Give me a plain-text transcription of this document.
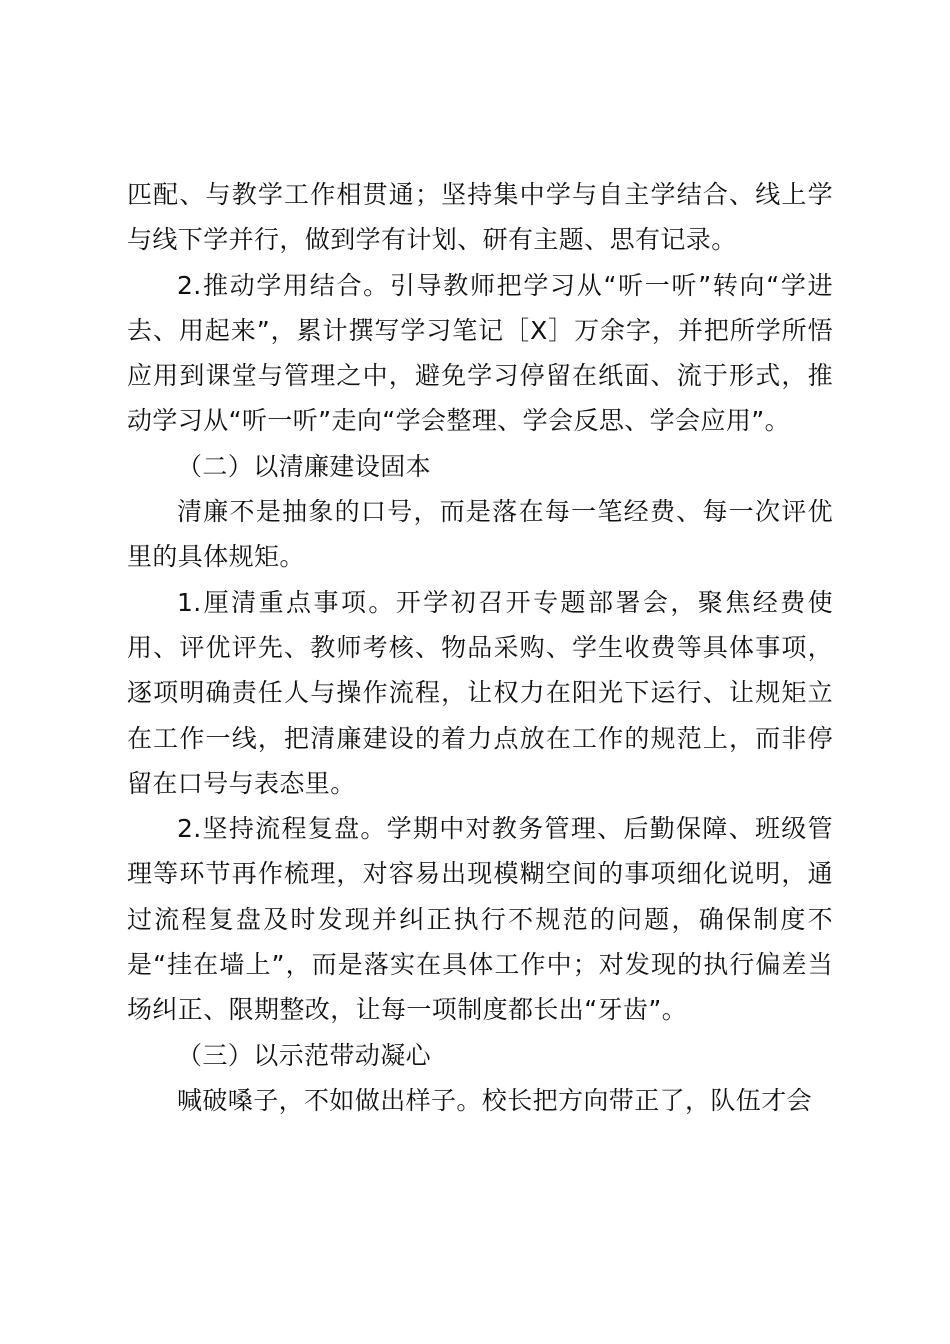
匹配、与教学工作相贯通；坚持集中学与自主学结合、线上学与线下学并行，做到学有计划、研有主题、思有记录。

2.推动学用结合。引导教师把学习从“听一听”转向“学进去、用起来”，累计撰写学习笔记［X］万余字，并把所学所悟应用到课堂与管理之中，避免学习停留在纸面、流于形式，推动学习从“听一听”走向“学会整理、学会反思、学会应用”。

（二）以清廉建设固本

清廉不是抽象的口号，而是落在每一笔经费、每一次评优里的具体规矩。

1.厘清重点事项。开学初召开专题部署会，聚焦经费使用、评优评先、教师考核、物品采购、学生收费等具体事项，逐项明确责任人与操作流程，让权力在阳光下运行、让规矩立在工作一线，把清廉建设的着力点放在工作的规范上，而非停留在口号与表态里。

2.坚持流程复盘。学期中对教务管理、后勤保障、班级管理等环节再作梳理，对容易出现模糊空间的事项细化说明，通过流程复盘及时发现并纠正执行不规范的问题，确保制度不是“挂在墙上”，而是落实在具体工作中；对发现的执行偏差当场纠正、限期整改，让每一项制度都长出“牙齿”。

（三）以示范带动凝心

喊破嗓子，不如做出样子。校长把方向带正了，队伍才会
